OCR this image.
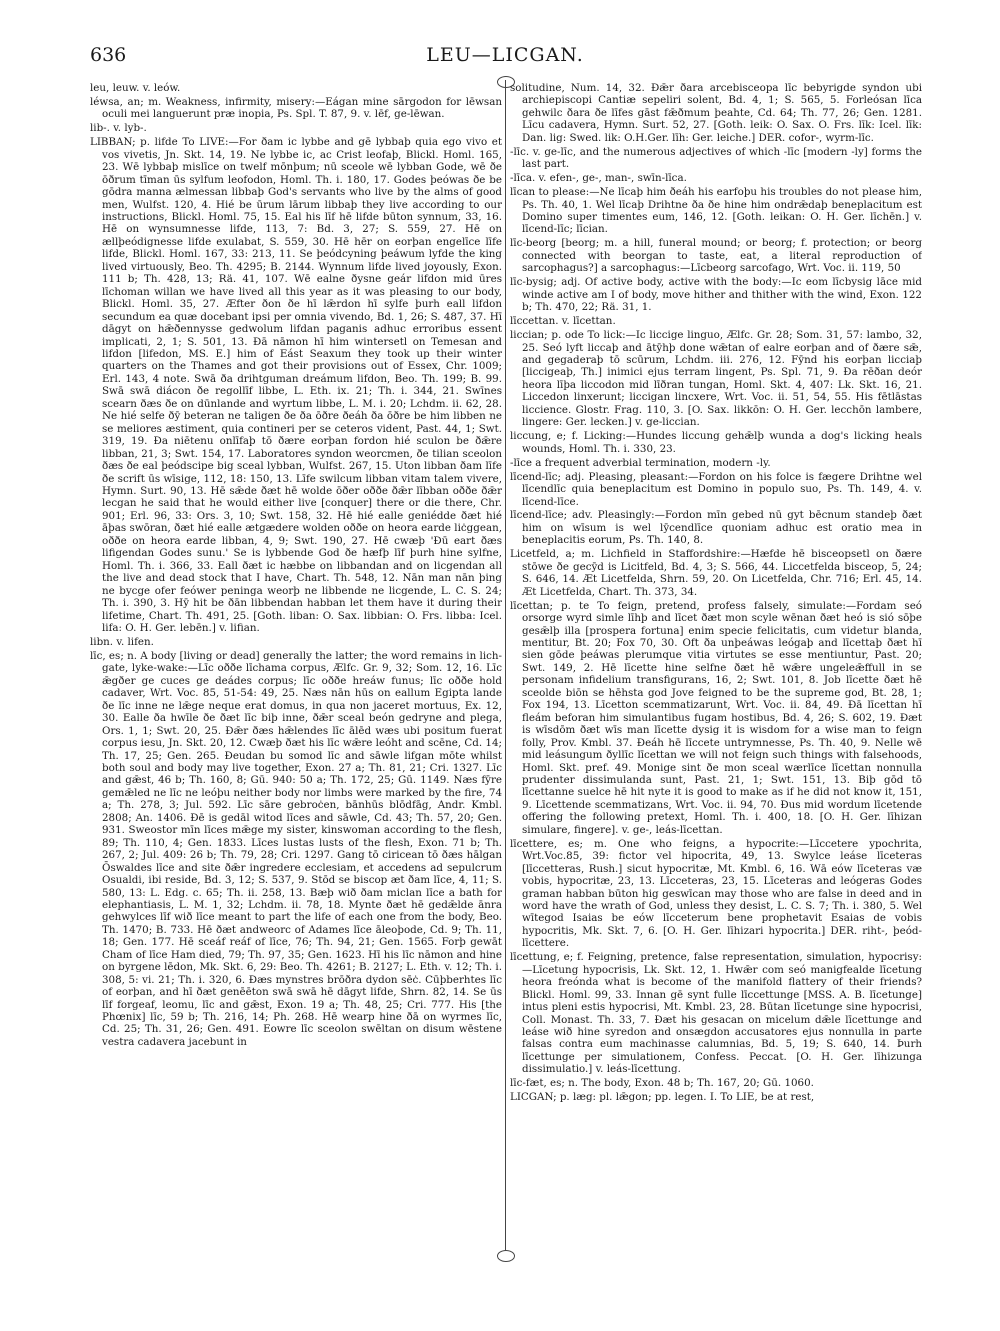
636	LEU—LICGAN.
leu, leuw. v. leów.
léwsa, an; m. Weakness, infirmity, misery:—Eágan mine sārgodon for lēwsan oculi mei languerunt præ inopia, Ps. Spl. T. 87, 9. v. lēf, ge-lēwan.
lib-. v. lyb-.
LIBBAN; p. lifde To LIVE:—For ðam ic lybbe and gē lybbaþ quia ego vivo et vos vivetis, Jn. Skt. 14, 19. Ne lybbe ic, ac Crist leofaþ, Blickl. Homl. 165, 23. Wē lybbaþ mislīce on twelf mōnþum; nū sceole wē lybban Gode, wē ðe ōðrum tīman ūs sylfum leofodon, Homl. Th. i. 180, 17. Godes þeówas ðe be gōdra manna ælmessan libbaþ God's servants who live by the alms of good men, Wulfst. 120, 4. Hié be ūrum lārum libbaþ they live according to our instructions, Blickl. Homl. 75, 15. Eal his līf hē lifde būton synnum, 33, 16. Hē on wynsumnesse lifde, 113, 7: Bd. 3, 27; S. 559, 27. Hē on ællþeódignesse lifde exulabat, S. 559, 30. Hē hēr on eorþan engelīce līfe lifde, Blickl. Homl. 167, 33: 213, 11. Se þeódcyning þeáwum lyfde the king lived virtuously, Beo. Th. 4295; B. 2144. Wynnum lifde lived joyously, Exon. 111 b; Th. 428, 13; Rä. 41, 107. Wē ealne ðysne geár lifdon mid ūres līchoman willan we have lived all this year as it was pleasing to our body, Blickl. Homl. 35, 27. Æfter ðon ðe hī lǣrdon hī sylfe þurh eall lifdon secundum ea quæ docebant ipsi per omnia vivendo, Bd. 1, 26; S. 487, 37. Hī dāgyt on hǣðennysse gedwolum lifdan paganis adhuc erroribus essent implicati, 2, 1; S. 501, 13. Ðā nāmon hī him wintersetl on Temesan and lifdon [lifedon, MS. E.] him of Eást Seaxum they took up their winter quarters on the Thames and got their provisions out of Essex, Chr. 1009; Erl. 143, 4 note. Swā ða drihtguman dreámum lifdon, Beo. Th. 199; B. 99. Swā swā diácon ðe regollīf libbe, L. Eth. ix. 21; Th. i. 344, 21. Swīnes scearn ðæs ðe on dūnlande and wyrtum libbe, L. M. i. 20; Lchdm. ii. 62, 28. Ne hié selfe ðȳ beteran ne taligen ðe ða ōðre ðeáh ða ōðre be him libben ne se meliores æstiment, quia contineri per se ceteros vident, Past. 44, 1; Swt. 319, 19. Ða niētenu onlīfaþ tō ðære eorþan fordon hié sculon be ðǣre libban, 21, 3; Swt. 154, 17. Laboratores syndon weorcmen, ðe tilian sceolon ðæs ðe eal þeódscipe big sceal lybban, Wulfst. 267, 15. Uton libban ðam līfe ðe scrift ūs wīsige, 112, 18: 150, 13. Līfe swilcum libban vitam talem vivere, Hymn. Surt. 90, 13. Hē sǣde ðæt hē wolde ōðer oððe ðǣr lībban oððe ðǣr lecgan he said that he would either live [conquer] there or die there, Chr. 901; Erl. 96, 33: Ors. 3, 10; Swt. 158, 32. Hē hié ealle geniédde ðæt hié āþas swōran, ðæt hié ealle ætgædere wolden oððe on heora earde liċggean, oððe on heora earde libban, 4, 9; Swt. 190, 27. Hē cwæþ 'Ðū eart ðæs lifigendan Godes sunu.' Se is lybbende God ðe hæfþ līf þurh hine sylfne, Homl. Th. i. 366, 33. Eall ðæt ic hæbbe on libbandan and on licgendan all the live and dead stock that I have, Chart. Th. 548, 12. Nān man nān þing ne bycge ofer feówer peninga weorþ ne libbende ne licgende, L. C. S. 24; Th. i. 390, 3. Hȳ hit be ðān libbendan habban let them have it during their lifetime, Chart. Th. 491, 25. [Goth. liban: O. Sax. libbian: O. Frs. libba: Icel. lifa: O. H. Ger. lebēn.] v. lifian.
libn. v. lifen.
līc, es; n. A body [living or dead] generally the latter; the word remains in lich-gate, lyke-wake:—Līc oððe līchama corpus, Ælfc. Gr. 9, 32; Som. 12, 16. Līc ǣgðer ge cuces ge deádes corpus; līc oððe hreáw funus; līc oððe hold cadaver, Wrt. Voc. 85, 51-54: 49, 25. Næs nān hūs on eallum Egipta lande ðe līc inne ne lǣge neque erat domus, in qua non jaceret mortuus, Ex. 12, 30. Ealle ða hwīle ðe ðæt līc biþ inne, ðǣr sceal beón gedryne and plega, Ors. 1, 1; Swt. 20, 25. Ðǣr ðæs hǣlendes līc ālēd wæs ubi positum fuerat corpus iesu, Jn. Skt. 20, 12. Cwæþ ðæt his līc wǣre leóht and scēne, Cd. 14; Th. 17, 25; Gen. 265. Ðeudan bu somod līc and sāwle lifgan mōte whilst both soul and body may live together, Exon. 27 a; Th. 81, 21; Cri. 1327. Līc and gǣst, 46 b; Th. 160, 8; Gū. 940: 50 a; Th. 172, 25; Gū. 1149. Næs fȳre gemǣled ne līc ne leóþu neither body nor limbs were marked by the fire, 74 a; Th. 278, 3; Jul. 592. Līc sāre gebroċen, bānhūs blōdfāg, Andr. Kmbl. 2808; An. 1406. Ðē is gedāl witod līces and sāwle, Cd. 43; Th. 57, 20; Gen. 931. Sweostor mīn līces mǣge my sister, kinswoman according to the flesh, 89; Th. 110, 4; Gen. 1833. Līces lustas lusts of the flesh, Exon. 71 b; Th. 267, 2; Jul. 409: 26 b; Th. 79, 28; Cri. 1297. Gang tō ciricean tō ðæs hālgan Ōswaldes līce and site ðǣr ingredere ecclesiam, et accedens ad sepulcrum Osualdi, ibi reside, Bd. 3, 12; S. 537, 9. Stōd se biscop æt ðam līce, 4, 11; S. 580, 13: L. Edg. c. 65; Th. ii. 258, 13. Bæþ wið ðam miclan līce a bath for elephantiasis, L. M. 1, 32; Lchdm. ii. 78, 18. Mynte ðæt hē gedǣlde ānra gehwylces līf wið līce meant to part the life of each one from the body, Beo. Th. 1470; B. 733. Hē ðæt andweorc of Adames līce āleoþode, Cd. 9; Th. 11, 18; Gen. 177. Hē sceáf reáf of līce, 76; Th. 94, 21; Gen. 1565. Forþ gewāt Cham of līce Ham died, 79; Th. 97, 35; Gen. 1623. Hī his līc nāmon and hine on byrgene lēdon, Mk. Skt. 6, 29: Beo. Th. 4261; B. 2127; L. Eth. v. 12; Th. i. 308, 5: vi. 21; Th. i. 320, 6. Ðæs mynstres brōðra dydon sēċ. Cūþberhtes līc of eorþan, and hī ðæt genēēton swā swā hē dāgyt lifde, Shrn. 82, 14. Se ūs līf forgeaf, leomu, līc and gǣst, Exon. 19 a; Th. 48, 25; Cri. 777. His [the Phœnix] līc, 59 b; Th. 216, 14; Ph. 268. Hē wearp hine ðā on wyrmes līc, Cd. 25; Th. 31, 26; Gen. 491. Eowre līc sceolon swēltan on disum wēstene vestra cadavera jacebunt in
solitudine, Num. 14, 32. Ðǣr ðara arcebisceopa līc bebyrigde syndon ubi archiepiscopi Cantiæ sepeliri solent, Bd. 4, 1; S. 565, 5. Forleósan līca gehwilc ðara ðe līfes gāst fǣðmum þeahte, Cd. 64; Th. 77, 26; Gen. 1281. Līcu cadavera, Hymn. Surt. 52, 27. [Goth. leik: O. Sax. O. Frs. līk: Icel. līk: Dan. lig: Swed. lik: O.H.Ger. līh: Ger. leiche.] DER. cofor-, wyrm-līc.
-līc. v. ge-līc, and the numerous adjectives of which -līc [modern -ly] forms the last part.
-līca. v. efen-, ge-, man-, swīn-līca.
līcan to please:—Ne līcaþ him ðeáh his earfoþu his troubles do not please him, Ps. Th. 40, 1. Wel līcaþ Drihtne ða ðe hine him ondrǣdaþ beneplacitum est Domino super timentes eum, 146, 12. [Goth. leikan: O. H. Ger. līchēn.] v. līcend-līc; līcian.
līc-beorg [beorg; m. a hill, funeral mound; or beorg; f. protection; or beorg connected with beorgan to taste, eat, a literal reproduction of sarcophagus?] a sarcophagus:—Līcbeorg sarcofago, Wrt. Voc. ii. 119, 50
līc-bysig; adj. Of active body, active with the body:—Ic eom līcbysig lāce mid winde active am I of body, move hither and thither with the wind, Exon. 122 b; Th. 470, 22; Rä. 31, 1.
līccettan. v. līcettan.
liccian; p. ode To lick:—Ic liccige linguo, Ælfc. Gr. 28; Som. 31, 57: lambo, 32, 25. Seó lyft liccaþ and ātȳhþ done wǣtan of ealre eorþan and of ðære sǣ, and gegaderaþ tō scūrum, Lchdm. iii. 276, 12. Fȳnd his eorþan licciaþ [liccigeaþ, Th.] inimici ejus terram lingent, Ps. Spl. 71, 9. Ða rēðan deór heora līþa liccodon mid līðran tungan, Homl. Skt. 4, 407: Lk. Skt. 16, 21. Liccedon linxerunt; liccigan lincxere, Wrt. Voc. ii. 51, 54, 55. His fētlāstas liccience. Glostr. Frag. 110, 3. [O. Sax. likkōn: O. H. Ger. lecchōn lambere, lingere: Ger. lecken.] v. ge-liccian.
liccung, e; f. Licking:—Hundes liccung gehǣlþ wunda a dog's licking heals wounds, Homl. Th. i. 330, 23.
-līce a frequent adverbial termination, modern -ly.
līcend-līc; adj. Pleasing, pleasant:—Fordon on his folce is fægere Drihtne wel līcendlīc quia beneplacitum est Domino in populo suo, Ps. Th. 149, 4. v. līcend-līce.
līcend-līce; adv. Pleasingly:—Fordon mīn gebed nū gyt bēcnum standeþ ðæt him on wīsum is wel lȳcendlīce quoniam adhuc est oratio mea in beneplacitis eorum, Ps. Th. 140, 8.
Licetfeld, a; m. Lichfield in Staffordshire:—Hæfde hē bisceopsetl on ðære stōwe ðe gecȳd is Licitfeld, Bd. 4, 3; S. 566, 44. Liccetfelda bisceop, 5, 24; S. 646, 14. Æt Licetfelda, Shrn. 59, 20. On Licetfelda, Chr. 716; Erl. 45, 14. Æt Licetfelda, Chart. Th. 373, 34.
līcettan; p. te To feign, pretend, profess falsely, simulate:—Fordam seó orsorge wyrd simle līhþ and līcet ðæt mon scyle wēnan ðæt heó is sió sōþe gesǣlþ illa [prospera fortuna] enim specie felicitatis, cum videtur blanda, mentitur, Bt. 20; Fox 70, 30. Oft ða unþeáwas leógaþ and līcettaþ ðæt hī sien gōde þeáwas plerumque vitia virtutes se esse mentiuntur, Past. 20; Swt. 149, 2. Hē līcette hine selfne ðæt hē wǣre ungeleǣffull in se personam infidelium transfigurans, 16, 2; Swt. 101, 8. Job līcette ðæt hē sceolde biōn se hēhsta god Jove feigned to be the supreme god, Bt. 28, 1; Fox 194, 13. Līcetton scemmatizarunt, Wrt. Voc. ii. 84, 49. Ðā līcettan hī fleám beforan him simulantibus fugam hostibus, Bd. 4, 26; S. 602, 19. Ðæt is wīsdōm ðæt wīs man līcette dysig it is wisdom for a wise man to feign folly, Prov. Kmbl. 37. Ðeáh hē līccete untrymnesse, Ps. Th. 40, 9. Nelle wē mid leásungum ðyllīc līcettan we will not feign such things with falsehoods, Homl. Skt. pref. 49. Monige sint ðe mon sceal wærlīce līcettan nonnulla prudenter dissimulanda sunt, Past. 21, 1; Swt. 151, 13. Biþ gōd tō līcettanne suelce hē hit nyte it is good to make as if he did not know it, 151, 9. Līcettende scemmatizans, Wrt. Voc. ii. 94, 70. Ðus mid wordum līcetende offering the following pretext, Homl. Th. i. 400, 18. [O. H. Ger. līhizan simulare, fingere]. v. ge-, leás-līcettan.
līcettere, es; m. One who feigns, a hypocrite:—Līccetere ypochrita, Wrt.Voc.85, 39: fictor vel hipocrita, 49, 13. Swylce leáse līceteras [līccetteras, Rush.] sicut hypocritæ, Mt. Kmbl. 6, 16. Wā eów līceteras væ vobis, hypocritæ, 23, 13. Līcceteras, 23, 15. Līceteras and leógeras Godes graman habban būton hig geswīcan may those who are false in deed and in word have the wrath of God, unless they desist, L. C. S. 7; Th. i. 380, 5. Wel wītegod Isaias be eów līcceterum bene prophetavit Esaias de vobis hypocritis, Mk. Skt. 7, 6. [O. H. Ger. līhizari hypocrita.] DER. riht-, þeód-līcettere.
līcettung, e; f. Feigning, pretence, false representation, simulation, hypocrisy:—Līcetung hypocrisis, Lk. Skt. 12, 1. Hwǣr com seó manigfealde līcetung heora freónda what is become of the manifold flattery of their friends? Blickl. Homl. 99, 33. Innan gē synt fulle līccettunge [MSS. A. B. līcetunge] intus pleni estis hypocrisi, Mt. Kmbl. 23, 28. Būtan līcetunge sine hypocrisi, Coll. Monast. Th. 33, 7. Ðæt his gesacan on micelum dǣle līcettunge and leáse wið hine syredon and onsægdon accusatores ejus nonnulla in parte falsas contra eum machinasse calumnias, Bd. 5, 19; S. 640, 14. Þurh līcettunge per simulationem, Confess. Peccat. [O. H. Ger. līhizunga dissimulatio.] v. leás-līcettung.
līc-fæt, es; n. The body, Exon. 48 b; Th. 167, 20; Gū. 1060.
LICGAN; p. læg: pl. lǣgon; pp. legen. I. To LIE, be at rest,
